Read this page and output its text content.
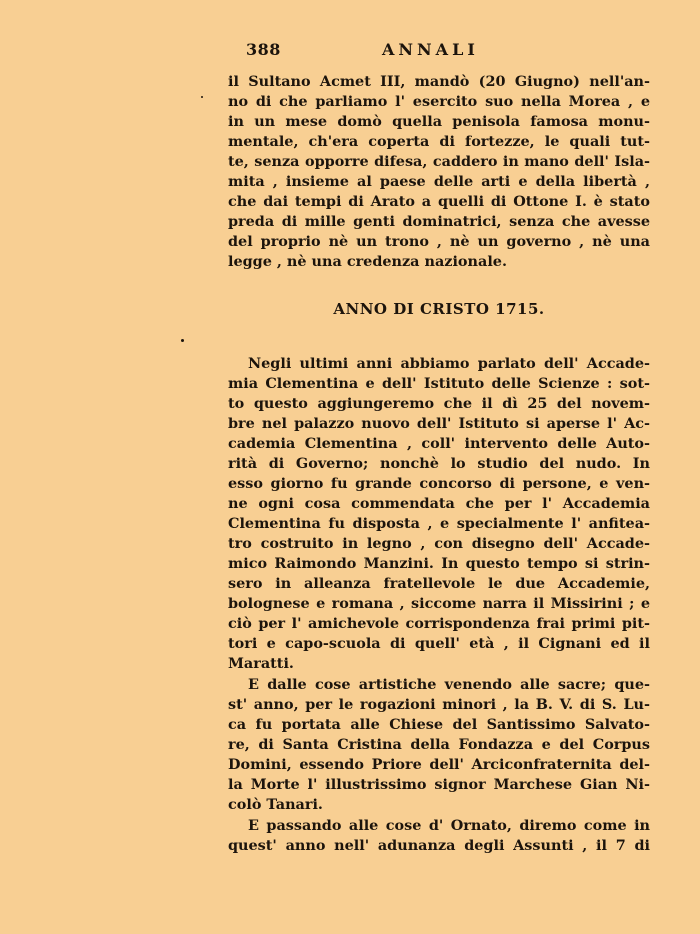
388	ANNALI
il Sultano Acmet III, mandò (20 Giugno) nell'an-
no di che parliamo l' esercito suo nella Morea , e
in un mese domò quella penisola famosa monu-
mentale, ch'era coperta di fortezze, le quali tut-
te, senza opporre difesa, caddero in mano dell' Isla-
mita , insieme al paese delle arti e della libertà ,
che dai tempi di Arato a quelli di Ottone I. è stato
preda di mille genti dominatrici, senza che avesse
del proprio nè un trono , nè un governo , nè una
legge , nè una credenza nazionale.
ANNO DI CRISTO 1715.
Negli ultimi anni abbiamo parlato dell' Accade-
mia Clementina e dell' Istituto delle Scienze : sot-
to questo aggiungeremo che il dì 25 del novem-
bre nel palazzo nuovo dell' Istituto si aperse l' Ac-
cademia Clementina , coll' intervento delle Auto-
rità di Governo; nonchè lo studio del nudo. In
esso giorno fu grande concorso di persone, e ven-
ne ogni cosa commendata che per l' Accademia
Clementina fu disposta , e specialmente l' anfitea-
tro costruito in legno , con disegno dell' Accade-
mico Raimondo Manzini. In questo tempo si strin-
sero in alleanza fratellevole le due Accademie,
bolognese e romana , siccome narra il Missirini ; e
ciò per l' amichevole corrispondenza frai primi pit-
tori e capo-scuola di quell' età , il Cignani ed il
Maratti.
E dalle cose artistiche venendo alle sacre; que-
st' anno, per le rogazioni minori , la B. V. di S. Lu-
ca fu portata alle Chiese del Santissimo Salvato-
re, di Santa Cristina della Fondazza e del Corpus
Domini, essendo Priore dell' Arciconfraternita del-
la Morte l' illustrissimo signor Marchese Gian Ni-
colò Tanari.
E passando alle cose d' Ornato, diremo come in
quest' anno nell' adunanza degli Assunti , il 7 di
